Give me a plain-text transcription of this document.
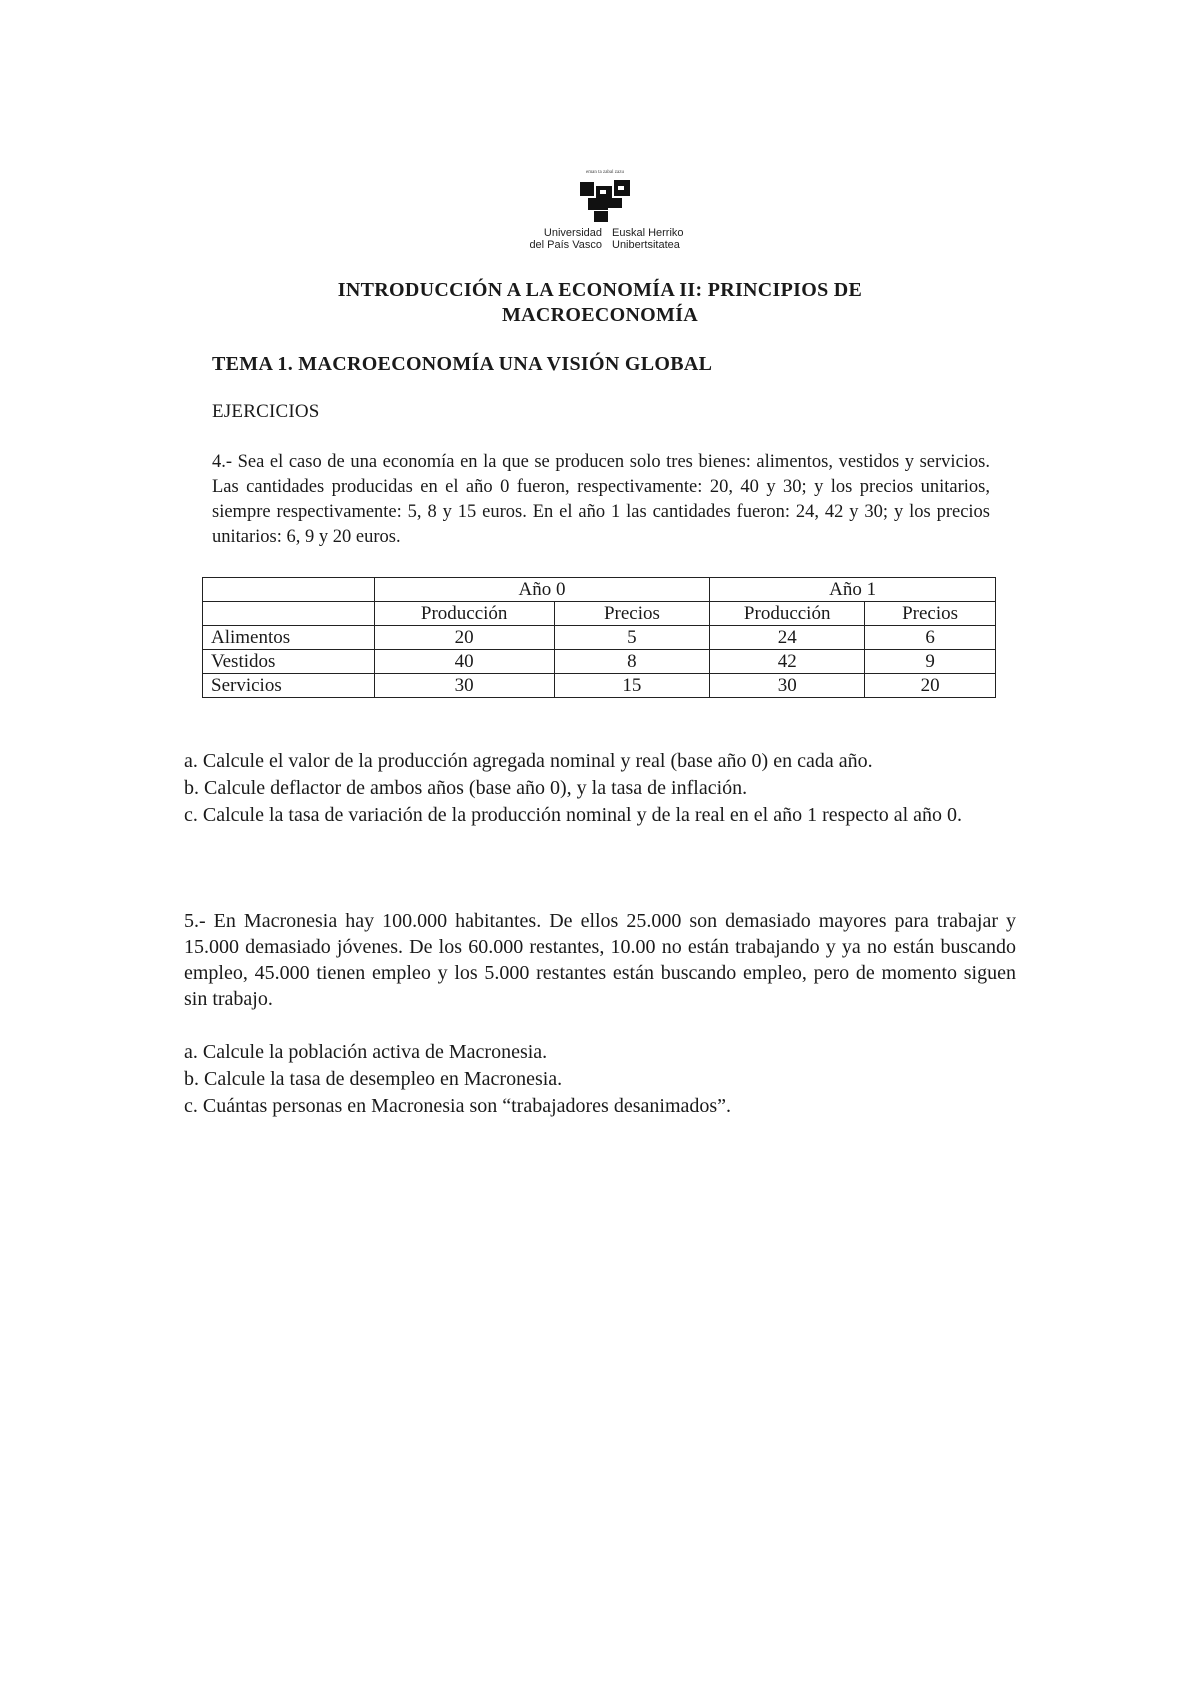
eman ta zabal zazu
Universidad
del País Vasco
Euskal Herriko
Unibertsitatea
INTRODUCCIÓN A LA ECONOMÍA II: PRINCIPIOS DE
MACROECONOMÍA
TEMA 1. MACROECONOMÍA UNA VISIÓN GLOBAL
EJERCICIOS
4.- Sea el caso de una economía en la que se producen solo tres bienes: alimentos, vestidos y servicios. Las cantidades producidas en el año 0 fueron, respectivamente: 20, 40 y 30; y los precios unitarios, siempre respectivamente: 5, 8 y 15 euros. En el año 1 las cantidades fueron: 24, 42 y 30; y los precios unitarios: 6, 9 y 20 euros.
	Año 0		Año 1	
	Producción	Precios	Producción	Precios
Alimentos	20	5	24	6
Vestidos	40	8	42	9
Servicios	30	15	30	20
a. Calcule el valor de la producción agregada nominal y real (base año 0) en cada año.
b. Calcule deflactor de ambos años (base año 0), y la tasa de inflación.
c. Calcule la tasa de variación de la producción nominal y de la real en el año 1 respecto al año 0.
5.- En Macronesia hay 100.000 habitantes. De ellos 25.000 son demasiado mayores para trabajar y 15.000 demasiado jóvenes. De los 60.000 restantes, 10.00 no están trabajando y ya no están buscando empleo, 45.000 tienen empleo y los 5.000 restantes están buscando empleo, pero de momento siguen sin trabajo.
a. Calcule la población activa de Macronesia.
b. Calcule la tasa de desempleo en Macronesia.
c. Cuántas personas en Macronesia son “trabajadores desanimados”.
